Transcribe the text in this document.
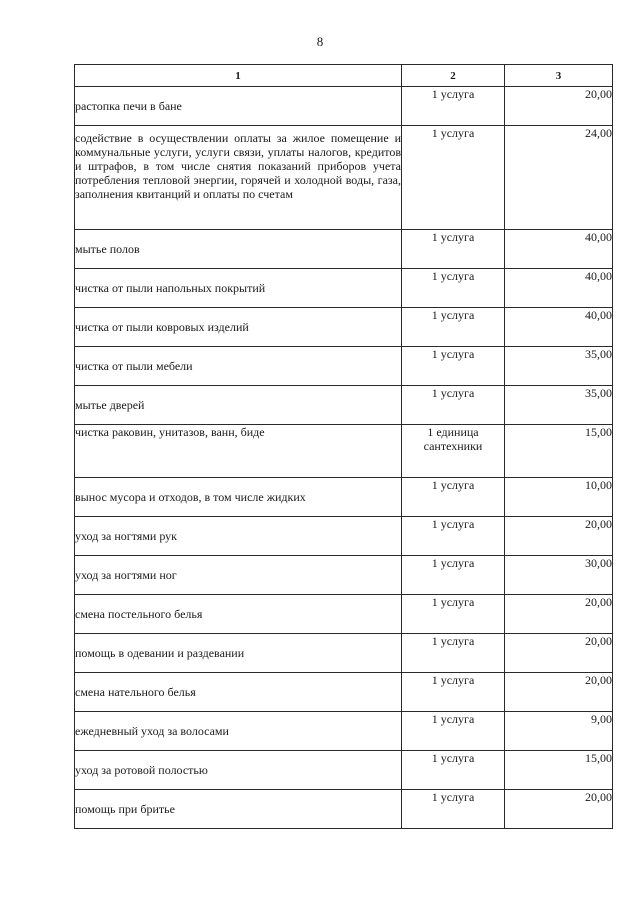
8
1	2	3
растопка печи в бане	1 услуга	20,00
содействие в осуществлении оплаты за жилое помещение и коммунальные услуги, услуги связи, уплаты налогов, кредитов и штрафов, в том числе снятия показаний приборов учета потребления тепловой энергии, горячей и холодной воды, газа, заполнения квитанций и оплаты по счетам	1 услуга	24,00
мытье полов	1 услуга	40,00
чистка от пыли напольных покрытий	1 услуга	40,00
чистка от пыли ковровых изделий	1 услуга	40,00
чистка от пыли мебели	1 услуга	35,00
мытье дверей	1 услуга	35,00
чистка раковин, унитазов, ванн, биде	1 единица сантехники	15,00
вынос мусора и отходов, в том числе жидких	1 услуга	10,00
уход за ногтями рук	1 услуга	20,00
уход за ногтями ног	1 услуга	30,00
смена постельного белья	1 услуга	20,00
помощь в одевании и раздевании	1 услуга	20,00
смена нательного белья	1 услуга	20,00
ежедневный уход за волосами	1 услуга	9,00
уход за ротовой полостью	1 услуга	15,00
помощь при бритье	1 услуга	20,00
